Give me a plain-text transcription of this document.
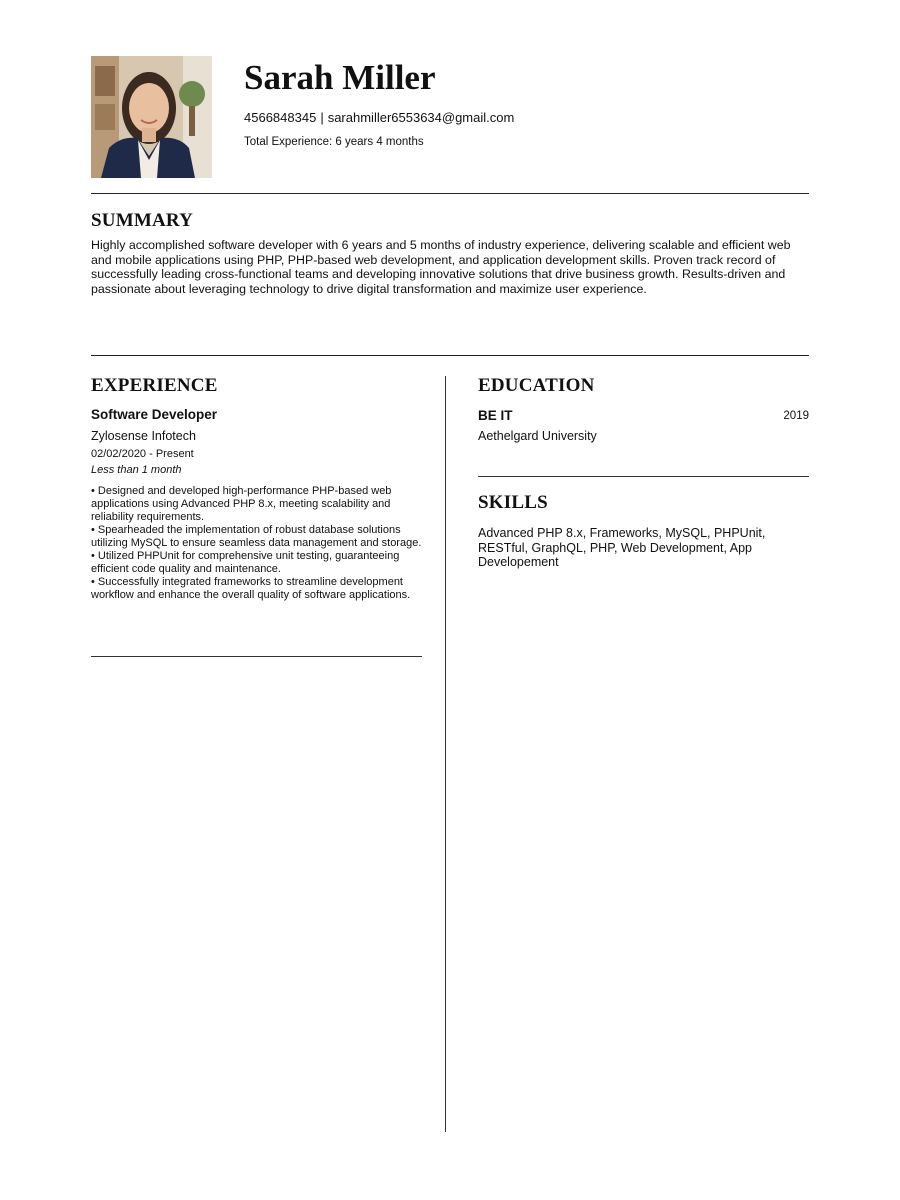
Sarah Miller
4566848345 | sarahmiller6553634@gmail.com
Total Experience: 6 years 4 months
SUMMARY
Highly accomplished software developer with 6 years and 5 months of industry experience, delivering scalable and efficient web and mobile applications using PHP, PHP-based web development, and application development skills. Proven track record of successfully leading cross-functional teams and developing innovative solutions that drive business growth. Results-driven and passionate about leveraging technology to drive digital transformation and maximize user experience.
EXPERIENCE
Software Developer
Zylosense Infotech
02/02/2020 - Present
Less than 1 month
• Designed and developed high-performance PHP-based web applications using Advanced PHP 8.x, meeting scalability and reliability requirements.
• Spearheaded the implementation of robust database solutions utilizing MySQL to ensure seamless data management and storage.
• Utilized PHPUnit for comprehensive unit testing, guaranteeing efficient code quality and maintenance.
• Successfully integrated frameworks to streamline development workflow and enhance the overall quality of software applications.
EDUCATION
BE IT	2019
Aethelgard University
SKILLS
Advanced PHP 8.x, Frameworks, MySQL, PHPUnit, RESTful, GraphQL, PHP, Web Development, App Developement
